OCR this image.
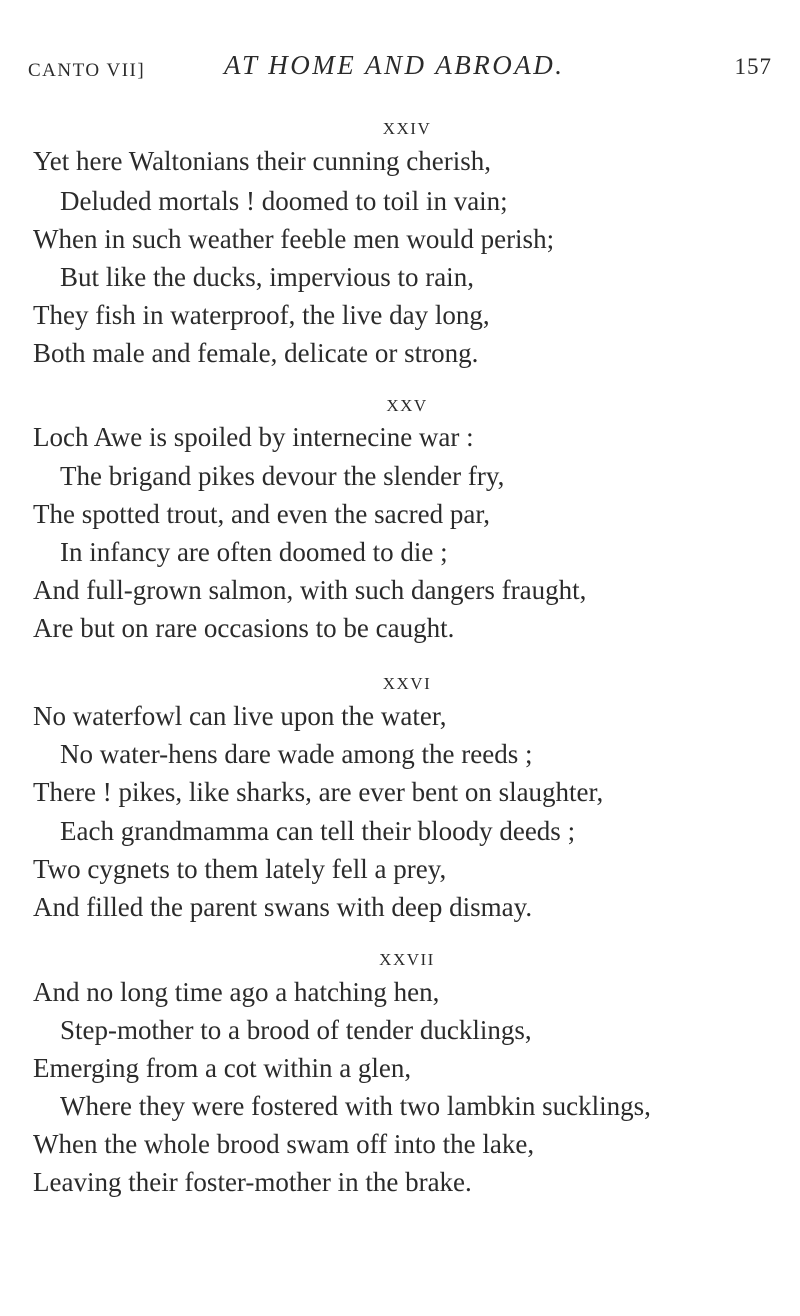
CANTO VII]	AT HOME AND ABROAD.	157
XXIV
Yet here Waltonians their cunning cherish,
Deluded mortals ! doomed to toil in vain;
When in such weather feeble men would perish;
But like the ducks, impervious to rain,
They fish in waterproof, the live day long,
Both male and female, delicate or strong.
XXV
Loch Awe is spoiled by internecine war :
The brigand pikes devour the slender fry,
The spotted trout, and even the sacred par,
In infancy are often doomed to die ;
And full-grown salmon, with such dangers fraught,
Are but on rare occasions to be caught.
XXVI
No waterfowl can live upon the water,
No water-hens dare wade among the reeds ;
There ! pikes, like sharks, are ever bent on slaughter,
Each grandmamma can tell their bloody deeds ;
Two cygnets to them lately fell a prey,
And filled the parent swans with deep dismay.
XXVII
And no long time ago a hatching hen,
Step-mother to a brood of tender ducklings,
Emerging from a cot within a glen,
Where they were fostered with two lambkin sucklings,
When the whole brood swam off into the lake,
Leaving their foster-mother in the brake.
